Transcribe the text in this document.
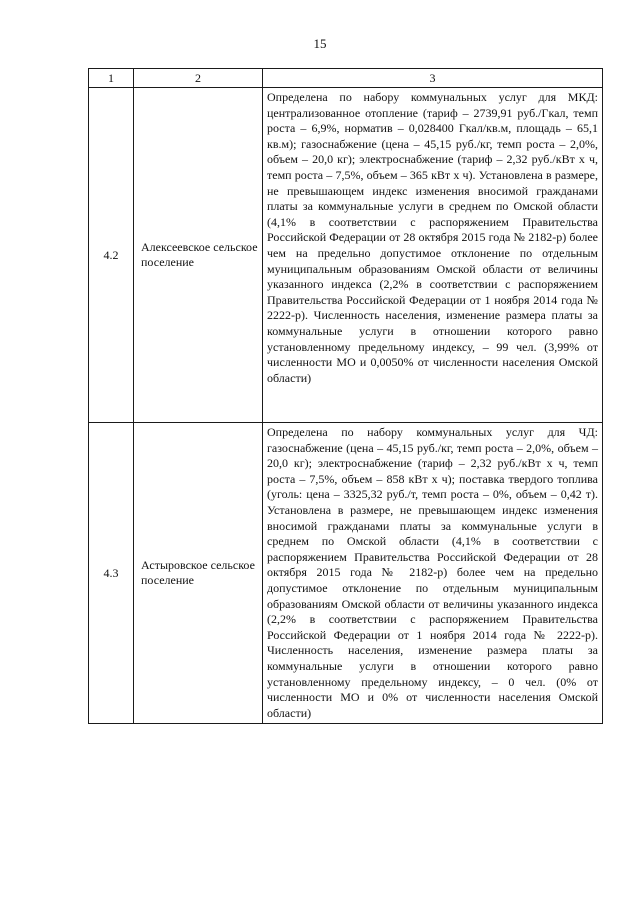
15
1	2	3
4.2	Алексеевское сельское поселение	Определена по набору коммунальных услуг для МКД: централизованное отопление (тариф – 2739,91 руб./Гкал, темп роста – 6,9%, норматив – 0,028400 Гкал/кв.м, площадь – 65,1 кв.м); газоснабжение (цена – 45,15 руб./кг, темп роста – 2,0%, объем – 20,0 кг); электроснабжение (тариф – 2,32 руб./кВт х ч, темп роста – 7,5%, объем – 365 кВт х ч). Установлена в размере, не превышающем индекс изменения вносимой гражданами платы за коммунальные услуги в среднем по Омской области (4,1% в соответствии с распоряжением Правительства Российской Федерации от 28 октября 2015 года № 2182-р) более чем на предельно допустимое отклонение по отдельным муниципальным образованиям Омской области от величины указанного индекса (2,2% в соответствии с распоряжением Правительства Российской Федерации от 1 ноября 2014 года № 2222-р). Численность населения, изменение размера платы за коммунальные услуги в отношении которого равно установленному предельному индексу, – 99 чел. (3,99% от численности МО и 0,0050% от численности населения Омской области)
4.3	Астыровское сельское поселение	Определена по набору коммунальных услуг для ЧД: газоснабжение (цена – 45,15 руб./кг, темп роста – 2,0%, объем – 20,0 кг); электроснабжение (тариф – 2,32 руб./кВт х ч, темп роста – 7,5%, объем – 858 кВт х ч); поставка твердого топлива (уголь: цена – 3325,32 руб./т, темп роста – 0%, объем – 0,42 т). Установлена в размере, не превышающем индекс изменения вносимой гражданами платы за коммунальные услуги в среднем по Омской области (4,1% в соответствии с распоряжением Правительства Российской Федерации от 28 октября 2015 года № 2182-р) более чем на предельно допустимое отклонение по отдельным муниципальным образованиям Омской области от величины указанного индекса (2,2% в соответствии с распоряжением Правительства Российской Федерации от 1 ноября 2014 года № 2222-р). Численность населения, изменение размера платы за коммунальные услуги в отношении которого равно установленному предельному индексу, – 0 чел. (0% от численности МО и 0% от численности населения Омской области)
